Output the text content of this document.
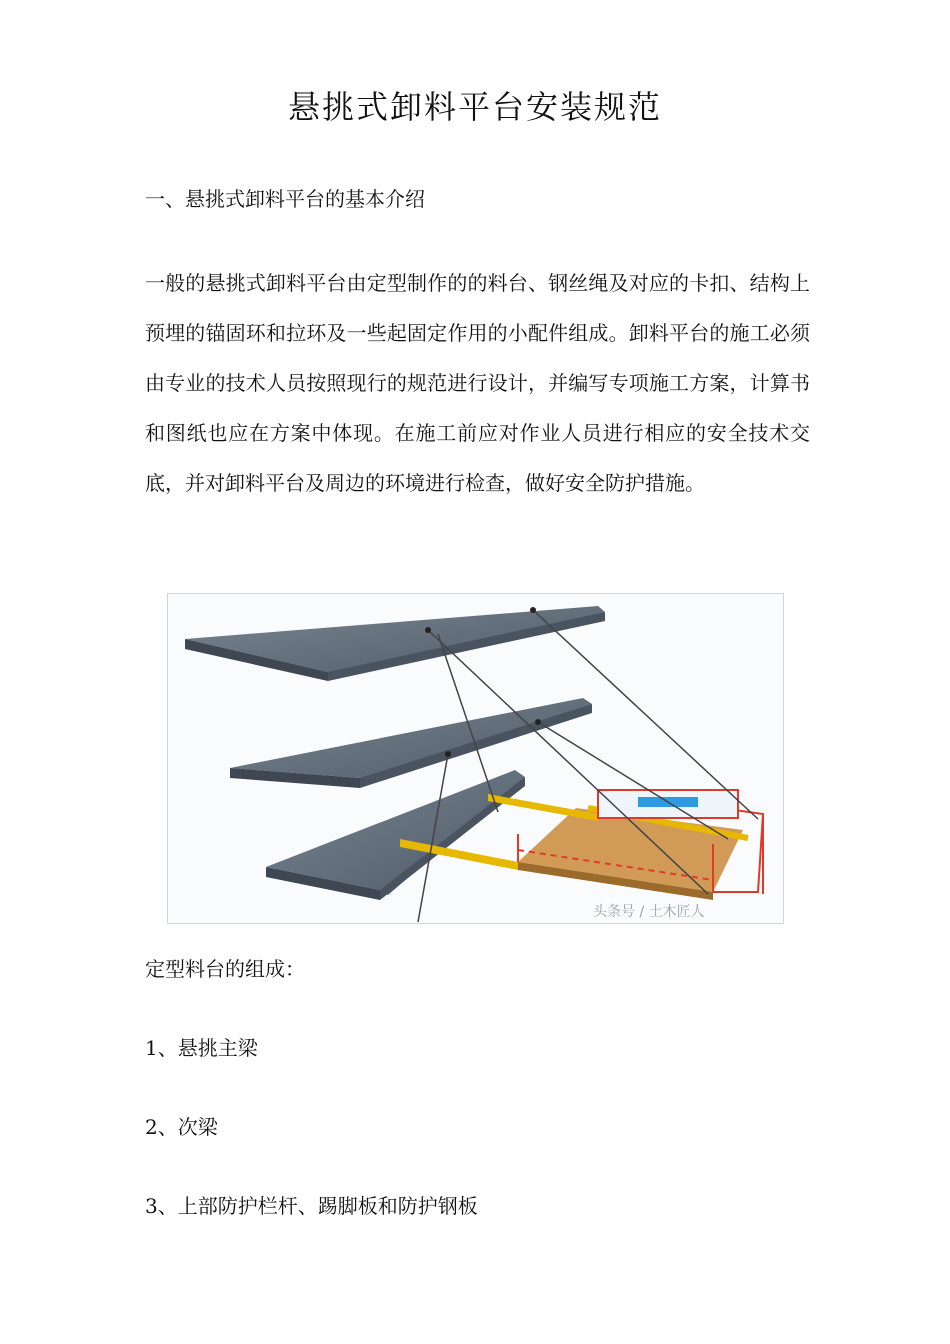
悬挑式卸料平台安装规范

一、悬挑式卸料平台的基本介绍

一般的悬挑式卸料平台由定型制作的的料台、钢丝绳及对应的卡扣、结构上预埋的锚固环和拉环及一些起固定作用的小配件组成。卸料平台的施工必须由专业的技术人员按照现行的规范进行设计，并编写专项施工方案，计算书和图纸也应在方案中体现。在施工前应对作业人员进行相应的安全技术交底，并对卸料平台及周边的环境进行检查，做好安全防护措施。

头条号 / 土木匠人

定型料台的组成：

1、悬挑主梁

2、次梁

3、上部防护栏杆、踢脚板和防护钢板
